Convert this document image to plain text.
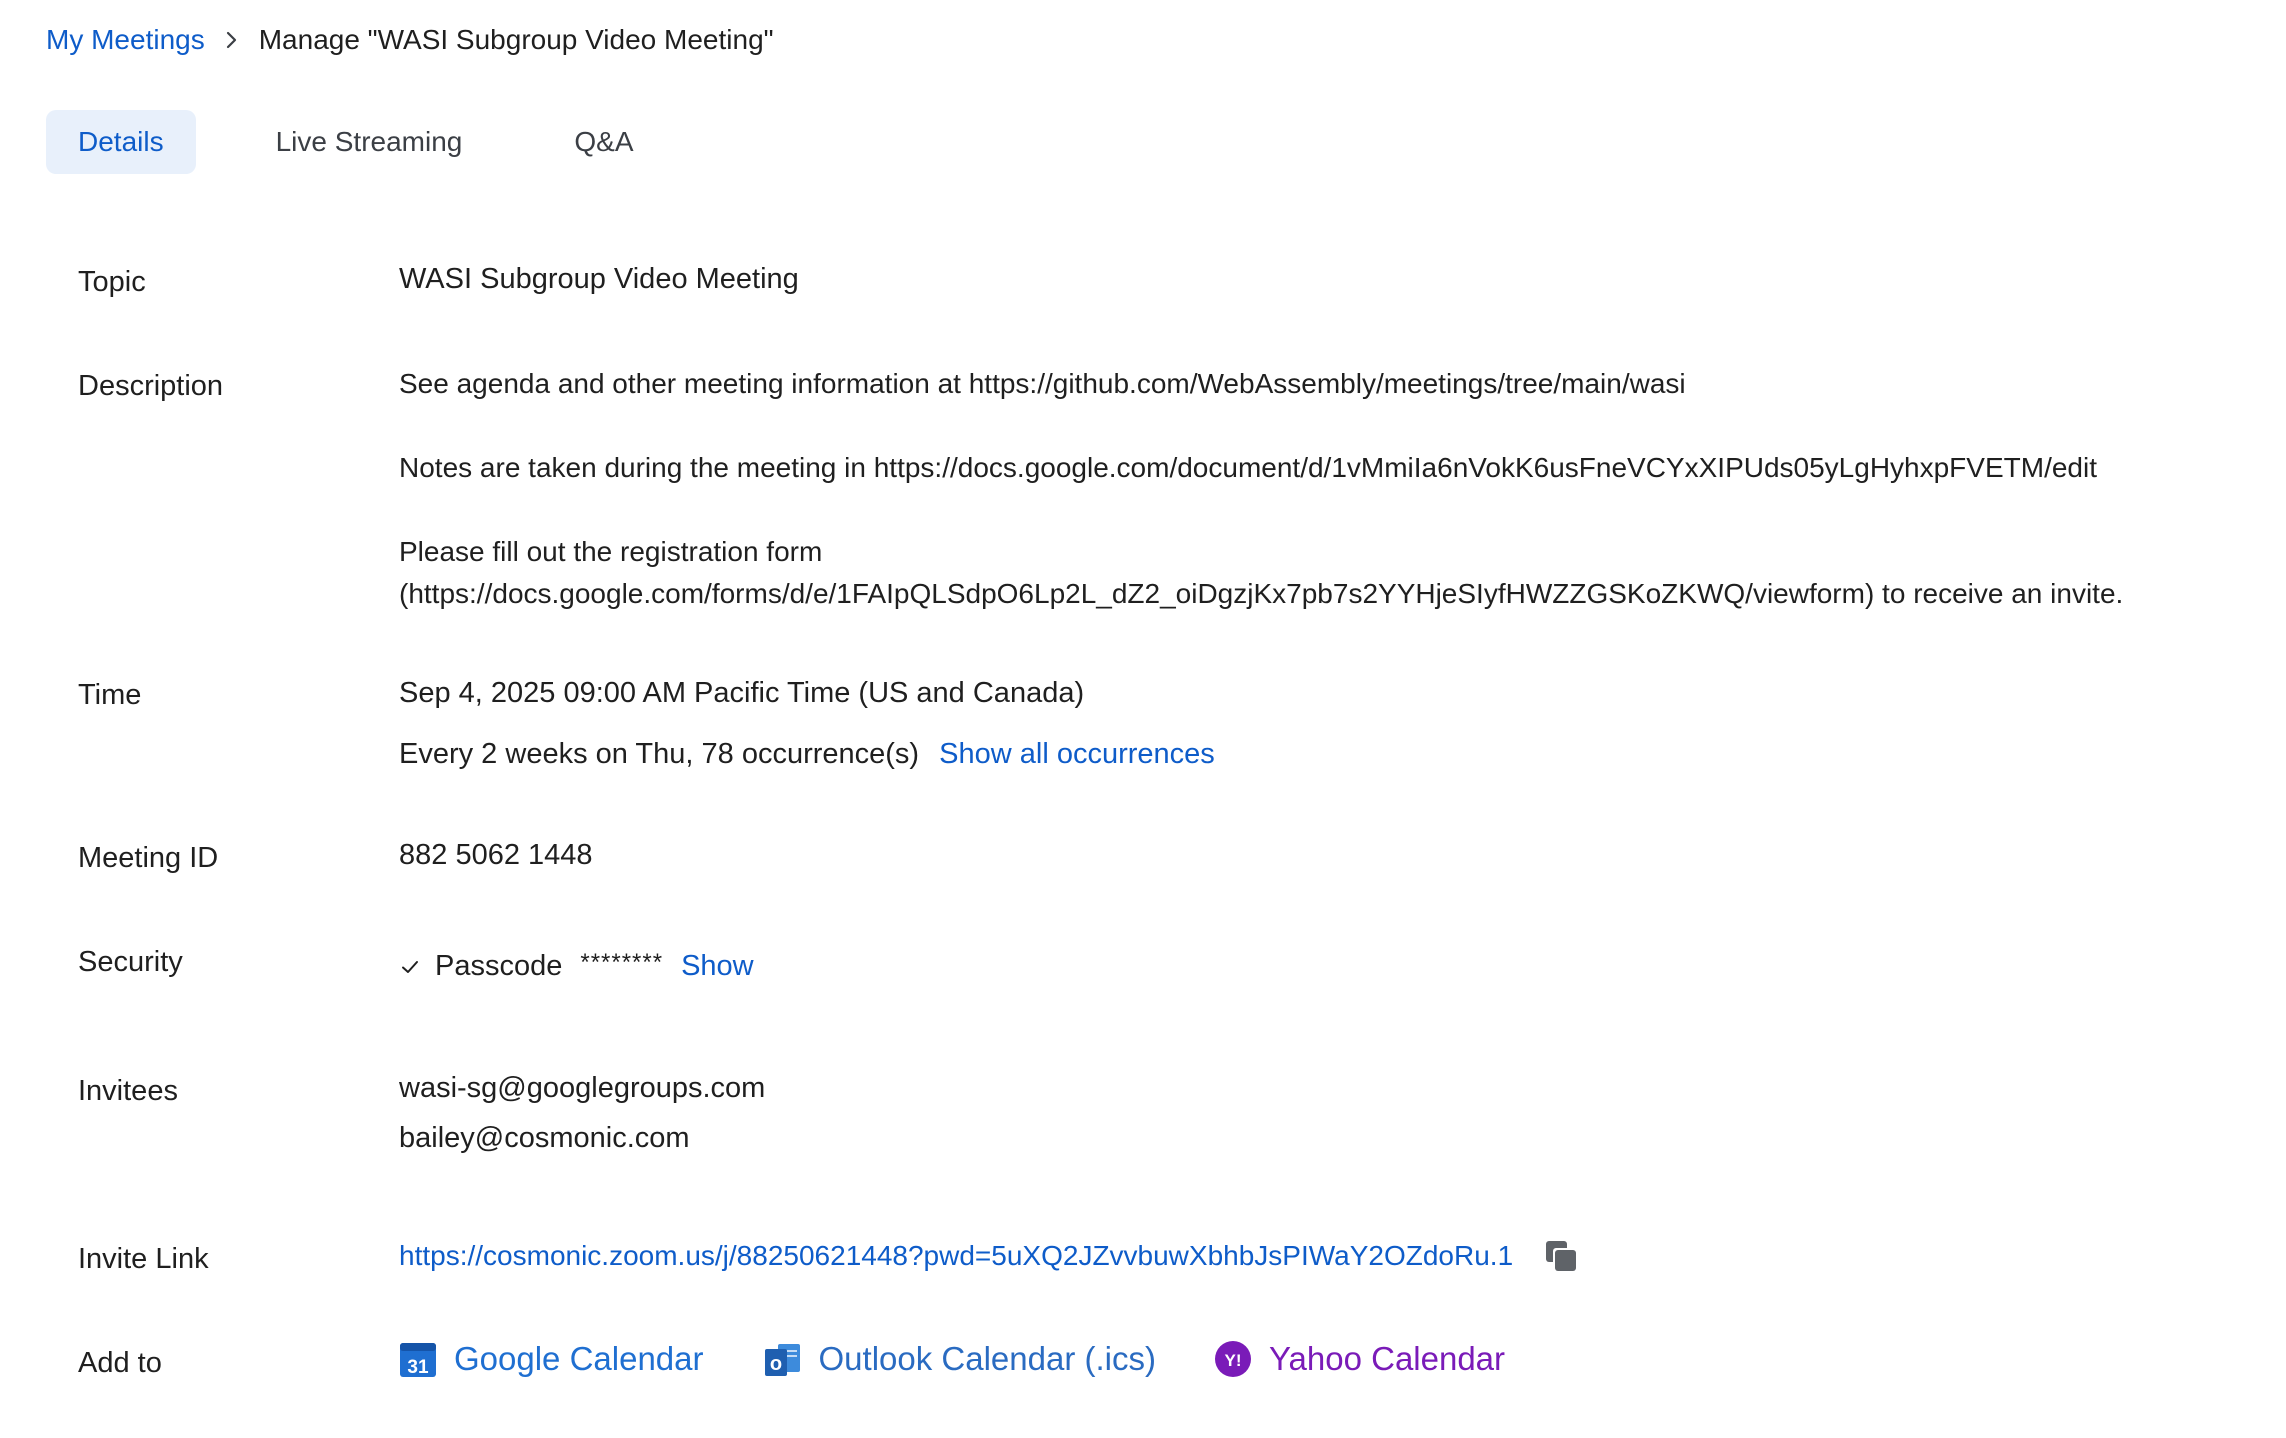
My Meetings Manage "WASI Subgroup Video Meeting"
Details	Live Streaming	Q&A
Topic	WASI Subgroup Video Meeting
Description	See agenda and other meeting information at https://github.com/WebAssembly/meetings/tree/main/wasi
Notes are taken during the meeting in https://docs.google.com/document/d/1vMmiIa6nVokK6usFneVCYxXIPUds05yLgHyhxpFVETM/edit
Please fill out the registration form
(https://docs.google.com/forms/d/e/1FAIpQLSdpO6Lp2L_dZ2_oiDgzjKx7pb7s2YYHjeSIyfHWZZGSKoZKWQ/viewform) to receive an invite.
Time	Sep 4, 2025 09:00 AM Pacific Time (US and Canada)
Every 2 weeks on Thu, 78 occurrence(s) Show all occurrences
Meeting ID	882 5062 1448
Security	Passcode ******** Show
Invitees	wasi-sg@googlegroups.com
bailey@cosmonic.com
Invite Link	https://cosmonic.zoom.us/j/88250621448?pwd=5uXQ2JZvvbuwXbhbJsPIWaY2OZdoRu.1
Add to	31 Google Calendar	o Outlook Calendar (.ics)	Y! Yahoo Calendar
